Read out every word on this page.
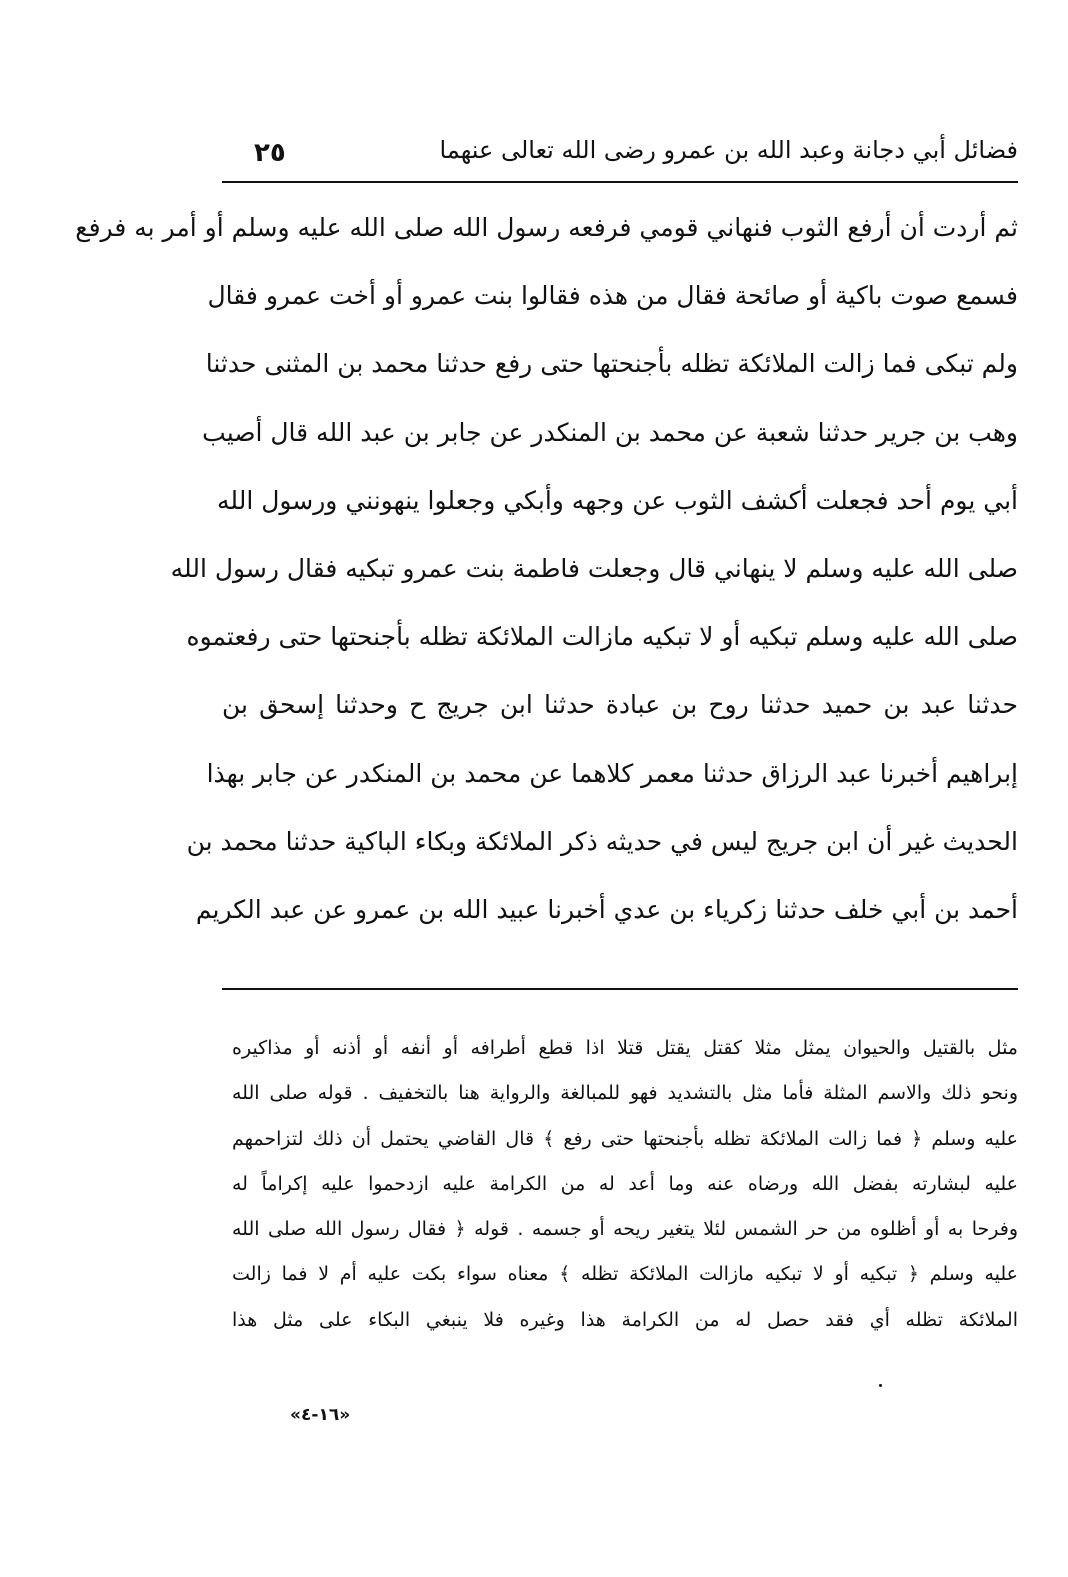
فضائل أبي دجانة وعبد الله بن عمرو رضى الله تعالى عنهما
٢٥
ثم أردت أن أرفع الثوب فنهاني قومي فرفعه رسول الله صلى الله عليه وسلم أو أمر به فرفع
فسمع صوت باكية أو صائحة فقال من هذه فقالوا بنت عمرو أو أخت عمرو فقال
ولم تبكى فما زالت الملائكة تظله بأجنحتها حتى رفع حدثنا محمد بن المثنى حدثنا
وهب بن جرير حدثنا شعبة عن محمد بن المنكدر عن جابر بن عبد الله قال أصيب
أبي يوم أحد فجعلت أكشف الثوب عن وجهه وأبكي وجعلوا ينهونني ورسول الله
صلى الله عليه وسلم لا ينهاني قال وجعلت فاطمة بنت عمرو تبكيه فقال رسول الله
صلى الله عليه وسلم تبكيه أو لا تبكيه مازالت الملائكة تظله بأجنحتها حتى رفعتموه
حدثنا عبد بن حميد حدثنا روح بن عبادة حدثنا ابن جريج ح وحدثنا إسحق بن
إبراهيم أخبرنا عبد الرزاق حدثنا معمر كلاهما عن محمد بن المنكدر عن جابر بهذا
الحديث غير أن ابن جريج ليس في حديثه ذكر الملائكة وبكاء الباكية حدثنا محمد بن
أحمد بن أبي خلف حدثنا زكرياء بن عدي أخبرنا عبيد الله بن عمرو عن عبد الكريم
مثل بالقتيل والحيوان يمثل مثلا كقتل يقتل قتلا اذا قطع أطرافه أو أنفه أو أذنه أو مذاكيره
ونحو ذلك والاسم المثلة فأما مثل بالتشديد فهو للمبالغة والرواية هنا بالتخفيف . قوله صلى الله
عليه وسلم ﴿ فما زالت الملائكة تظله بأجنحتها حتى رفع ﴾ قال القاضي يحتمل أن ذلك لتزاحمهم
عليه لبشارته بفضل الله ورضاه عنه وما أعد له من الكرامة عليه ازدحموا عليه إكراماً له
وفرحا به أو أظلوه من حر الشمس لئلا يتغير ريحه أو جسمه . قوله ﴿ فقال رسول الله صلى الله
عليه وسلم ﴿ تبكيه أو لا تبكيه مازالت الملائكة تظله ﴾ معناه سواء بكت عليه أم لا فما زالت
الملائكة تظله أي فقد حصل له من الكرامة هذا وغيره فلا ينبغي البكاء على مثل هذا
«١٦-٤»
